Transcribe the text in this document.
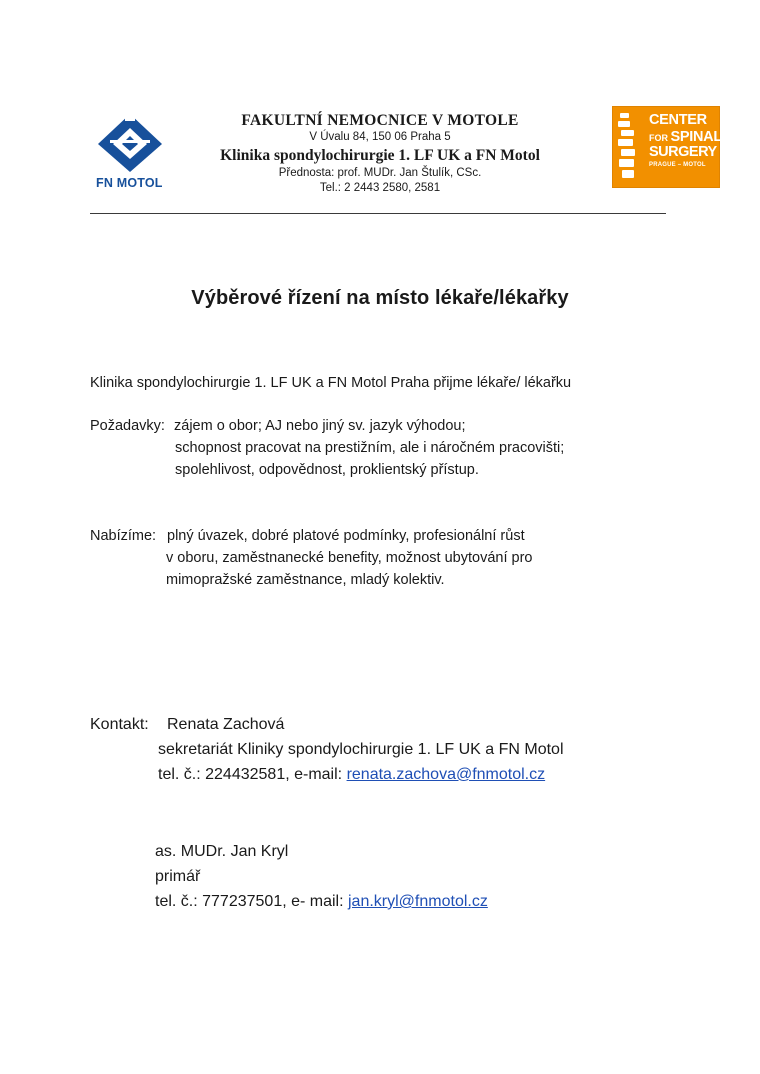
FN MOTOL
FAKULTNÍ NEMOCNICE V MOTOLE
V Úvalu 84, 150 06 Praha 5
Klinika spondylochirurgie 1. LF UK a FN Motol
Přednosta: prof. MUDr. Jan Štulík, CSc.
Tel.: 2 2443 2580, 2581
CENTER
FOR SPINAL
SURGERY
PRAGUE – MOTOL
Výběrové řízení na místo lékaře/lékařky
Klinika spondylochirurgie 1. LF UK a FN Motol Praha přijme lékaře/ lékařku
Požadavky: zájem o obor; AJ nebo jiný sv. jazyk výhodou;
schopnost pracovat na prestižním, ale i náročném pracovišti;
spolehlivost, odpovědnost, proklientský přístup.
Nabízíme: plný úvazek, dobré platové podmínky, profesionální růst
v oboru, zaměstnanecké benefity, možnost ubytování pro
mimopražské zaměstnance, mladý kolektiv.
Kontakt: Renata Zachová
sekretariát Kliniky spondylochirurgie 1. LF UK a FN Motol
tel. č.: 224432581, e-mail: renata.zachova@fnmotol.cz
as. MUDr. Jan Kryl
primář
tel. č.: 777237501, e- mail: jan.kryl@fnmotol.cz
